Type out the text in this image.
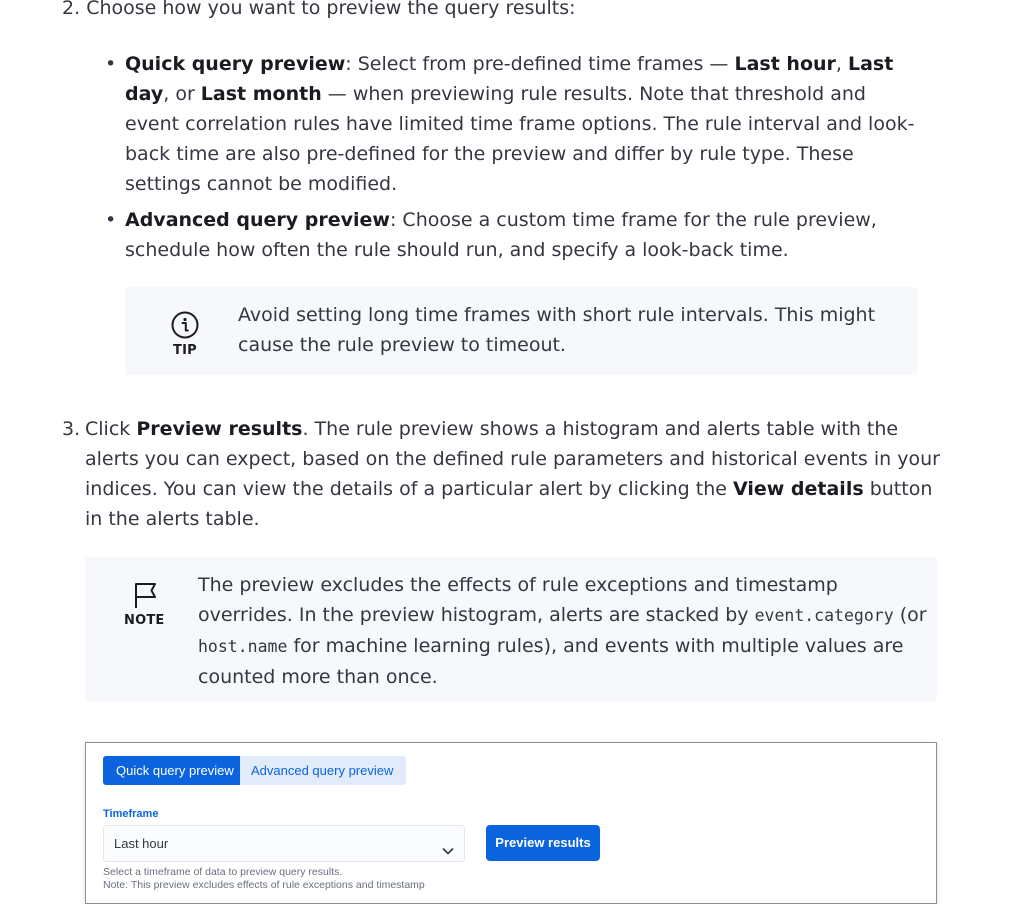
2. Choose how you want to preview the query results:

• Quick query preview: Select from pre-defined time frames — Last hour, Last day, or Last month — when previewing rule results. Note that threshold and event correlation rules have limited time frame options. The rule interval and look-back time are also pre-defined for the preview and differ by rule type. These settings cannot be modified.
• Advanced query preview: Choose a custom time frame for the rule preview, schedule how often the rule should run, and specify a look-back time.
TIP
Avoid setting long time frames with short rule intervals. This might cause the rule preview to timeout.
3. Click Preview results. The rule preview shows a histogram and alerts table with the alerts you can expect, based on the defined rule parameters and historical events in your indices. You can view the details of a particular alert by clicking the View details button in the alerts table.

NOTE

The preview excludes the effects of rule exceptions and timestamp overrides. In the preview histogram, alerts are stacked by event.category (or host.name for machine learning rules), and events with multiple values are counted more than once.

Quick query preview	Advanced query preview
Timeframe
Last hour	Preview results
Select a timeframe of data to preview query results.
Note: This preview excludes effects of rule exceptions and timestamp
